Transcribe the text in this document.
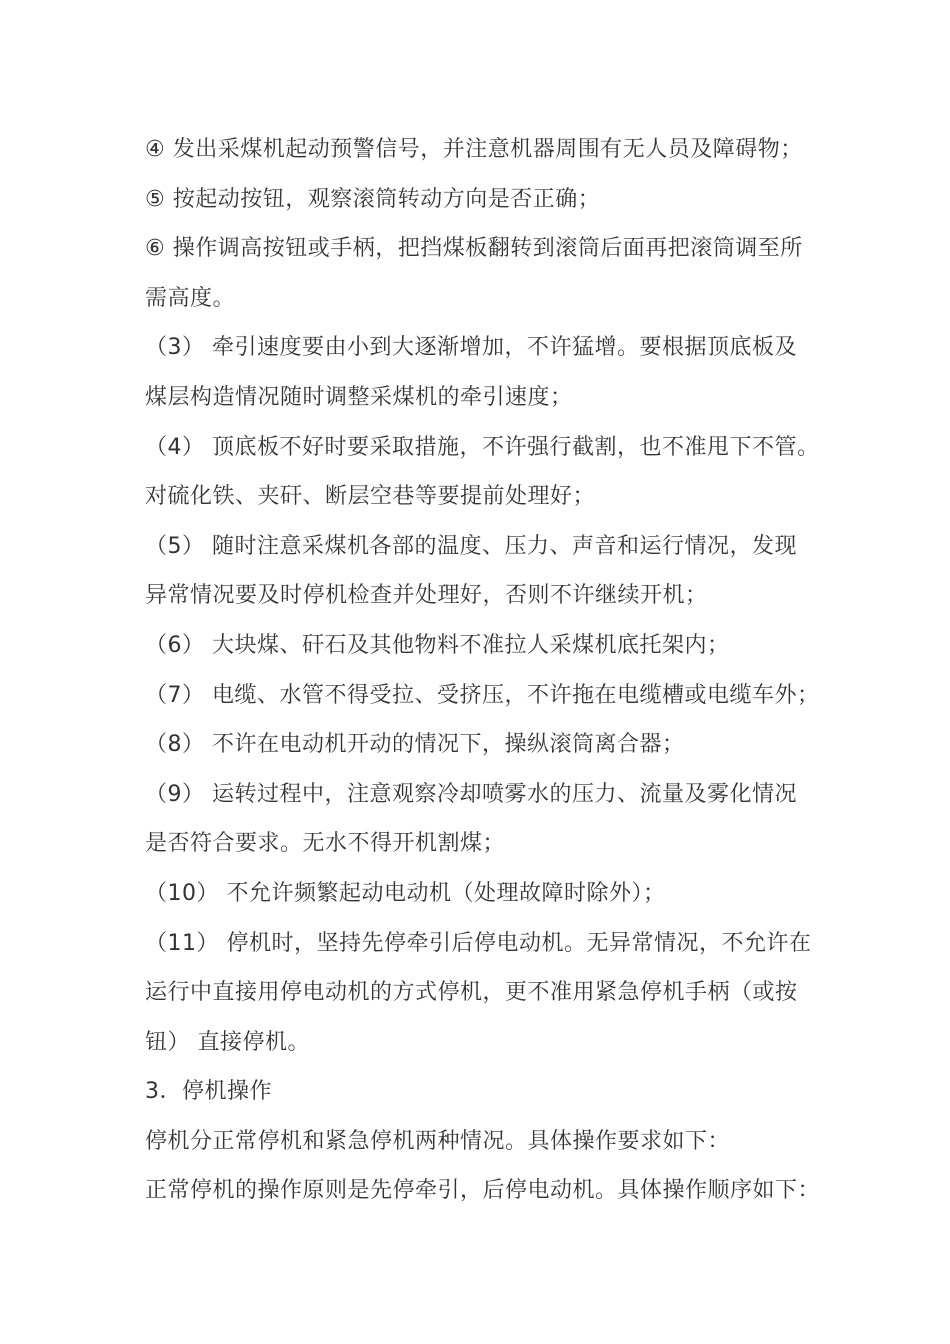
④ 发出采煤机起动预警信号，并注意机器周围有无人员及障碍物；
⑤ 按起动按钮，观察滚筒转动方向是否正确；
⑥ 操作调高按钮或手柄，把挡煤板翻转到滚筒后面再把滚筒调至所
需高度。
（3） 牵引速度要由小到大逐渐增加，不许猛增。要根据顶底板及
煤层构造情况随时调整采煤机的牵引速度；
（4） 顶底板不好时要采取措施，不许强行截割，也不准甩下不管。
对硫化铁、夹矸、断层空巷等要提前处理好；
（5） 随时注意采煤机各部的温度、压力、声音和运行情况，发现
异常情况要及时停机检查并处理好，否则不许继续开机；
（6） 大块煤、矸石及其他物料不准拉人采煤机底托架内；
（7） 电缆、水管不得受拉、受挤压，不许拖在电缆槽或电缆车外；
（8） 不许在电动机开动的情况下，操纵滚筒离合器；
（9） 运转过程中，注意观察冷却喷雾水的压力、流量及雾化情况
是否符合要求。无水不得开机割煤；
（10） 不允许频繁起动电动机（处理故障时除外）；
（11） 停机时，坚持先停牵引后停电动机。无异常情况，不允许在
运行中直接用停电动机的方式停机，更不准用紧急停机手柄（或按
钮） 直接停机。
3．停机操作
停机分正常停机和紧急停机两种情况。具体操作要求如下：
正常停机的操作原则是先停牵引，后停电动机。具体操作顺序如下：
